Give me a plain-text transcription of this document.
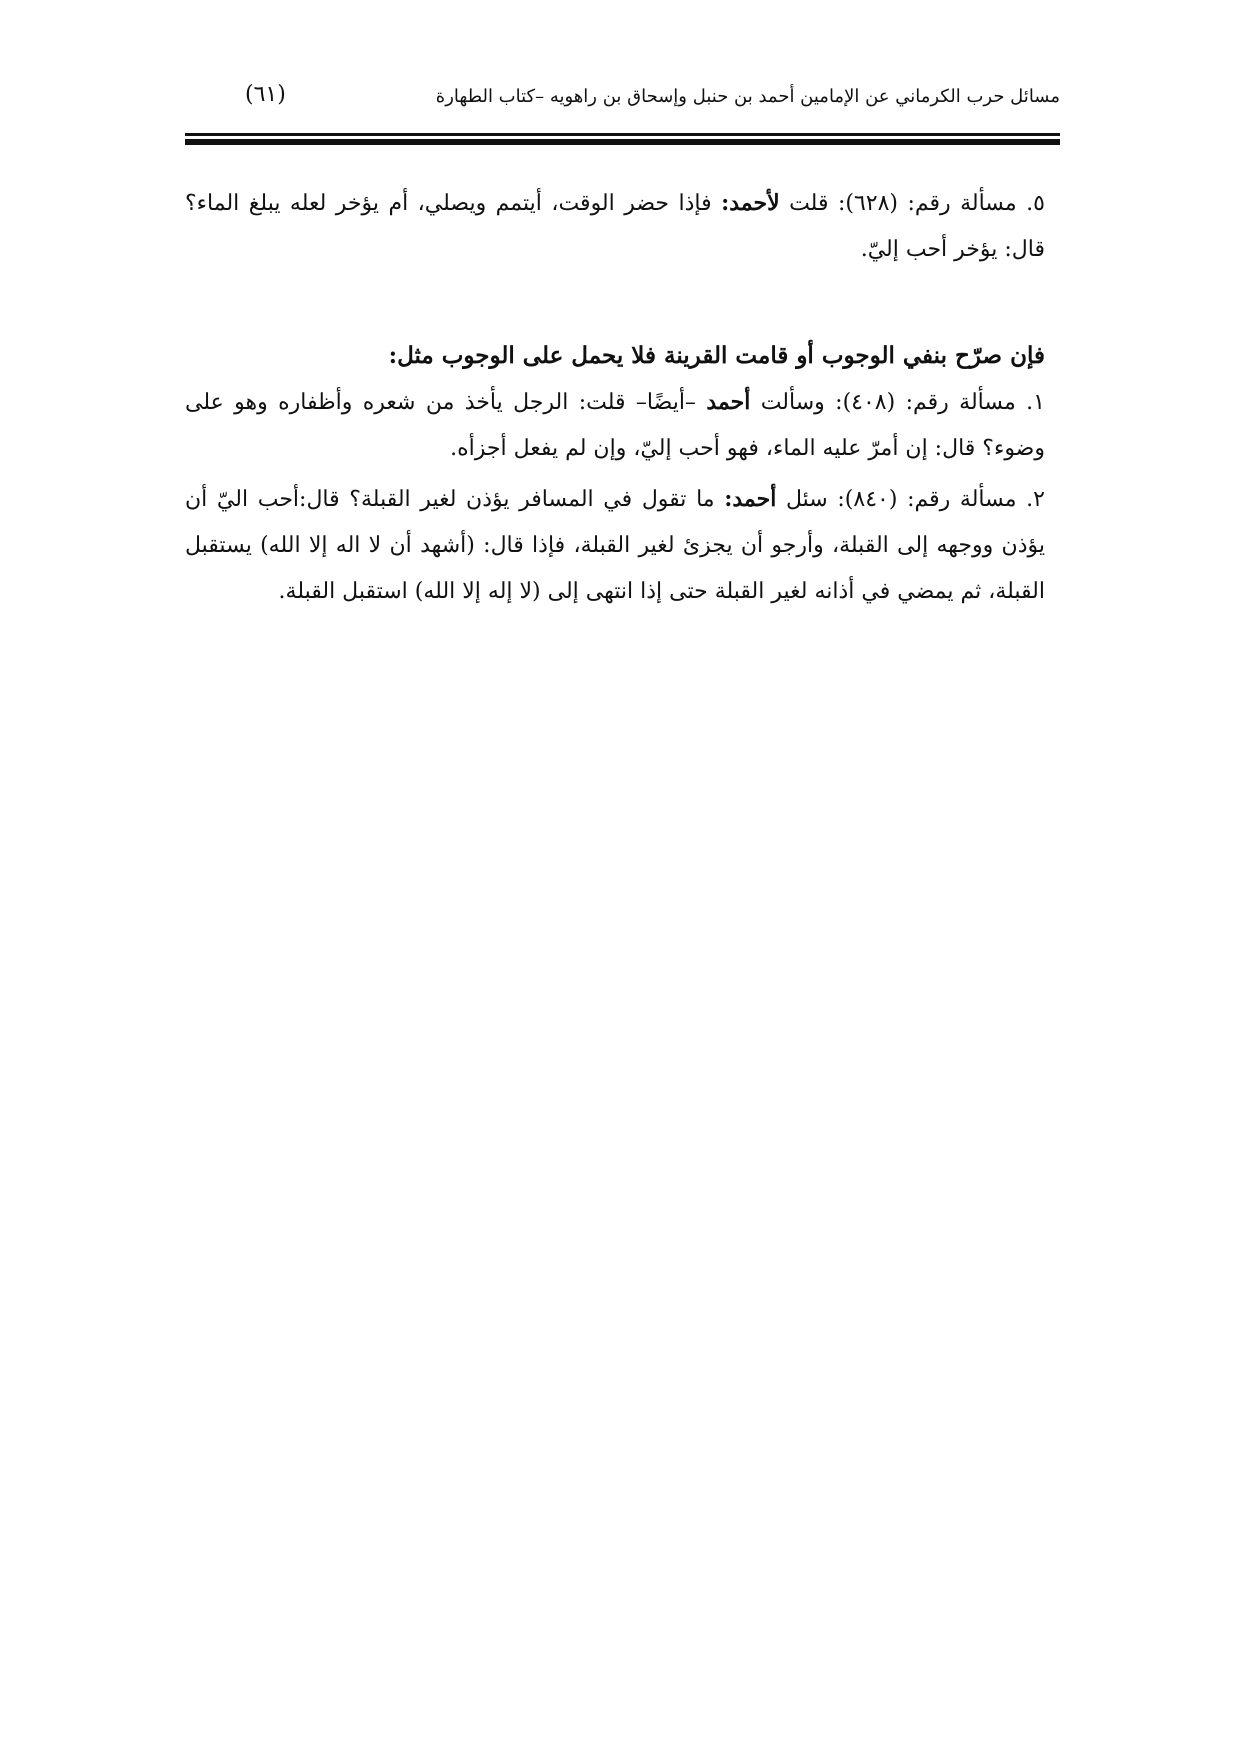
مسائل حرب الكرماني عن الإمامين أحمد بن حنبل وإسحاق بن راهويه –كتاب الطهارة
(٦١)

٥. مسألة رقم: (٦٢٨): قلت لأحمد: فإذا حضر الوقت، أيتمم ويصلي، أم يؤخر لعله يبلغ الماء؟ قال: يؤخر أحب إليّ.

فإن صرّح بنفي الوجوب أو قامت القرينة فلا يحمل على الوجوب مثل:

١. مسألة رقم: (٤٠٨): وسألت أحمد –أيضًا– قلت: الرجل يأخذ من شعره وأظفاره وهو على وضوء؟ قال: إن أمرّ عليه الماء، فهو أحب إليّ، وإن لم يفعل أجزأه.

٢. مسألة رقم: (٨٤٠): سئل أحمد: ما تقول في المسافر يؤذن لغير القبلة؟ قال:أحب اليّ أن يؤذن ووجهه إلى القبلة، وأرجو أن يجزئ لغير القبلة، فإذا قال: (أشهد أن لا اله إلا الله) يستقبل القبلة، ثم يمضي في أذانه لغير القبلة حتى إذا انتهى إلى (لا إله إلا الله) استقبل القبلة.
